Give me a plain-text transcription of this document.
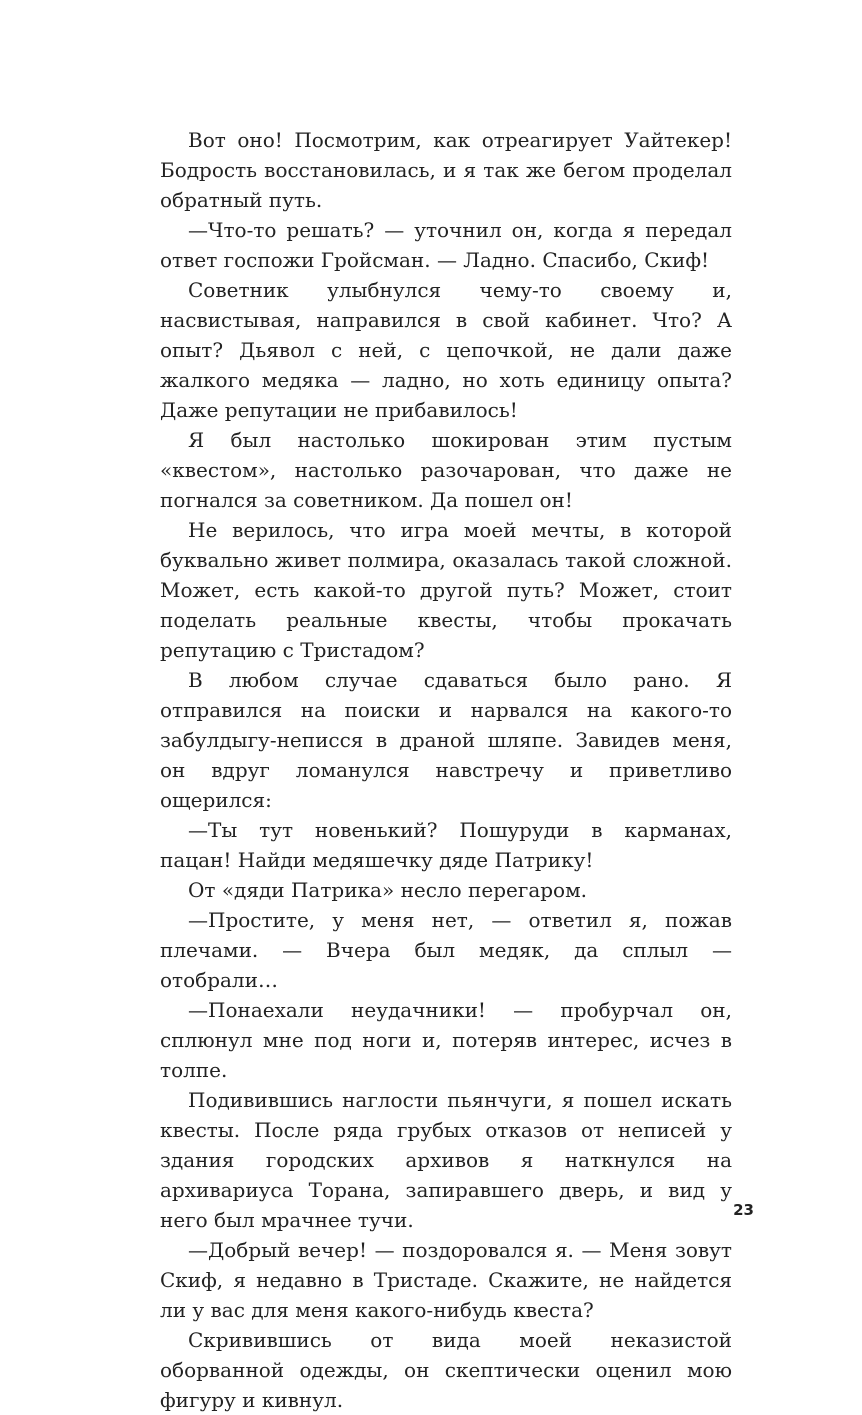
Вот оно! Посмотрим, как отреагирует Уайтекер! Бодрость восстановилась, и я так же бегом проделал обратный путь.

—Что-то решать? — уточнил он, когда я передал ответ госпожи Гройсман. — Ладно. Спасибо, Скиф!

Советник улыбнулся чему-то своему и, насвистывая, направился в свой кабинет. Что? А опыт? Дьявол с ней, с цепочкой, не дали даже жалкого медяка — ладно, но хоть единицу опыта? Даже репутации не прибавилось!

Я был настолько шокирован этим пустым «квестом», настолько разочарован, что даже не погнался за советником. Да пошел он!

Не верилось, что игра моей мечты, в которой буквально живет полмира, оказалась такой сложной. Может, есть какой-то другой путь? Может, стоит поделать реальные квесты, чтобы прокачать репутацию с Тристадом?

В любом случае сдаваться было рано. Я отправился на поиски и нарвался на какого-то забулдыгу-неписся в драной шляпе. Завидев меня, он вдруг ломанулся навстречу и приветливо ощерился:

—Ты тут новенький? Пошуруди в карманах, пацан! Найди медяшечку дяде Патрику!

От «дяди Патрика» несло перегаром.

—Простите, у меня нет, — ответил я, пожав плечами. — Вчера был медяк, да сплыл — отобрали…

—Понаехали неудачники! — пробурчал он, сплюнул мне под ноги и, потеряв интерес, исчез в толпе.

Подивившись наглости пьянчуги, я пошел искать квесты. После ряда грубых отказов от неписей у здания городских архивов я наткнулся на архивариуса Торана, запиравшего дверь, и вид у него был мрачнее тучи.

—Добрый вечер! — поздоровался я. — Меня зовут Скиф, я недавно в Тристаде. Скажите, не найдется ли у вас для меня какого-нибудь квеста?

Скривившись от вида моей неказистой оборванной одежды, он скептически оценил мою фигуру и кивнул.

23
